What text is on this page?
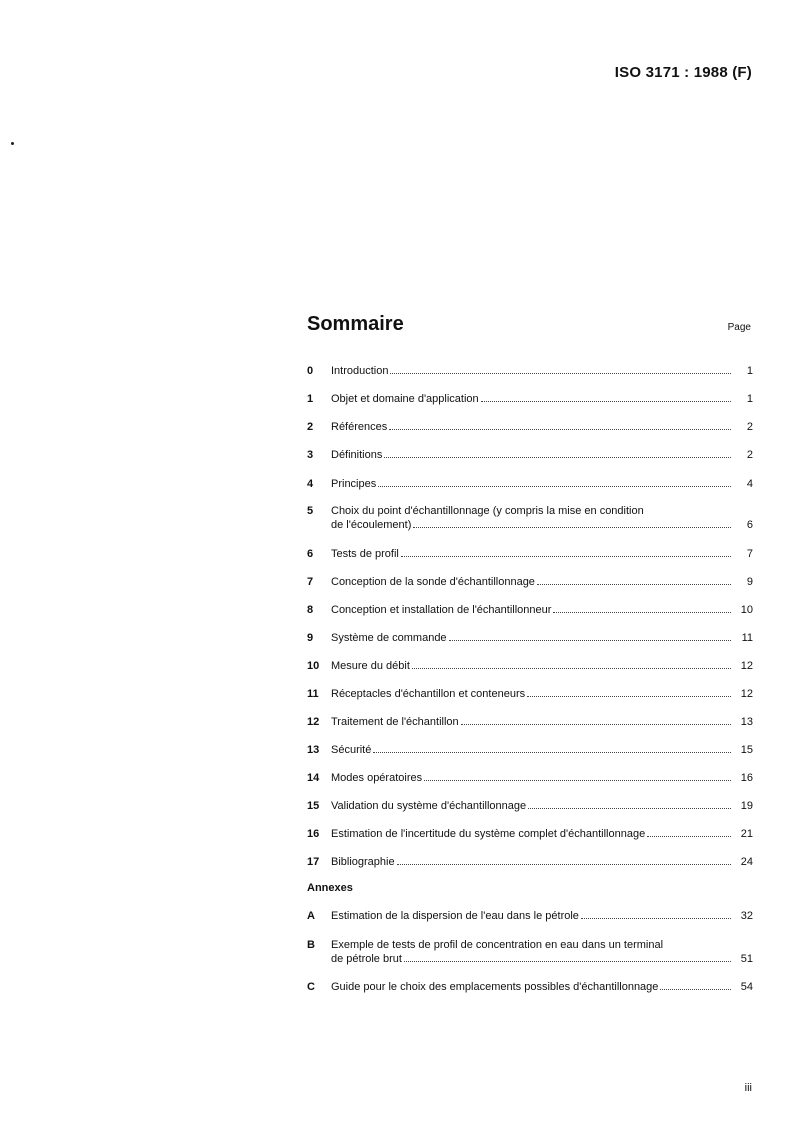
ISO 3171 : 1988 (F)
Sommaire	Page
0	Introduction	1
1	Objet et domaine d'application	1
2	Références	2
3	Définitions	2
4	Principes	4
5	Choix du point d'échantillonnage (y compris la mise en condition
de l'écoulement)	6
6	Tests de profil	7
7	Conception de la sonde d'échantillonnage	9
8	Conception et installation de l'échantillonneur	10
9	Système de commande	11
10	Mesure du débit	12
11	Réceptacles d'échantillon et conteneurs	12
12	Traitement de l'échantillon	13
13	Sécurité	15
14	Modes opératoires	16
15	Validation du système d'échantillonnage	19
16	Estimation de l'incertitude du système complet d'échantillonnage	21
17	Bibliographie	24
Annexes
A	Estimation de la dispersion de l'eau dans le pétrole	32
B	Exemple de tests de profil de concentration en eau dans un terminal
de pétrole brut	51
C	Guide pour le choix des emplacements possibles d'échantillonnage	54
iii
